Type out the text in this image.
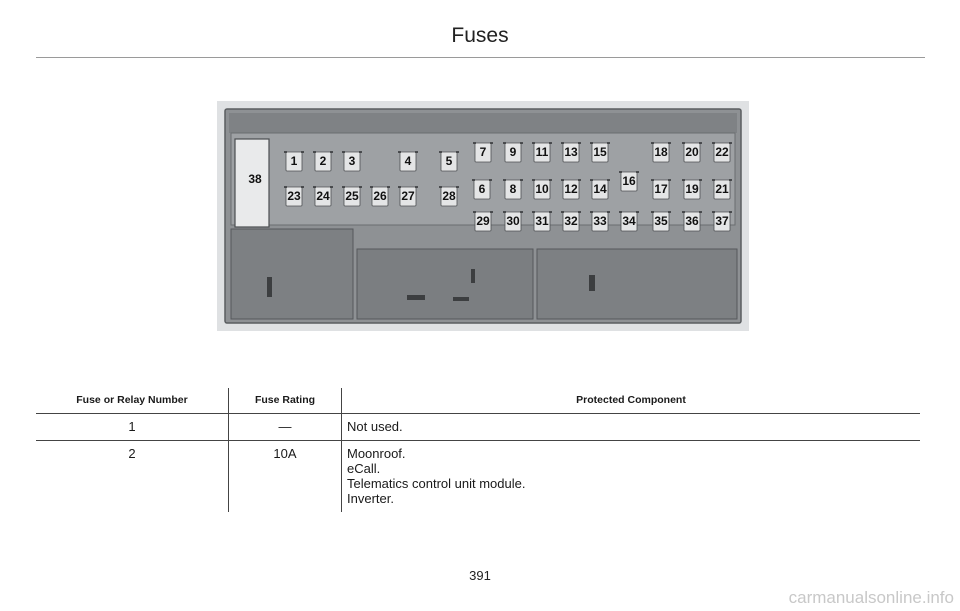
Fuses
1 2 3	4	5
6
7
8
9
10
11
12
13
14
15
16
17
18
19
20
21
22
23 24 25 26 27 28
29 30 31 32 33 34 35 36 37
38
Fuse or Relay Number	Fuse Rating	Protected Component
1	—	Not used.

2	10A	Moonroof.
eCall.
Telematics control unit module.
Inverter.
391
carmanualsonline.info
